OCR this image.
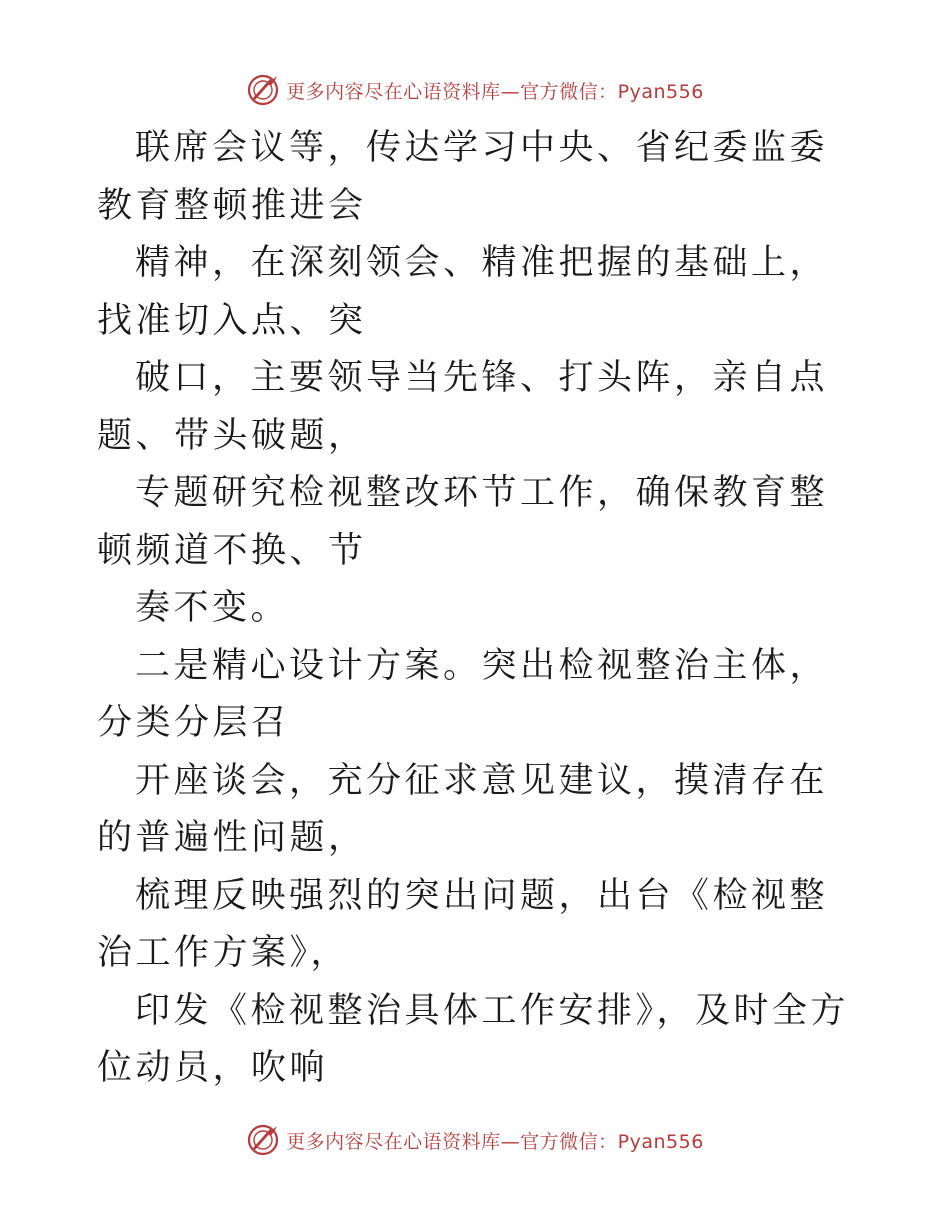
更多内容尽在心语资料库—官方微信：Pyan556

联席会议等，传达学习中央、省纪委监委教育整顿推进会

精神，在深刻领会、精准把握的基础上，找准切入点、突

破口，主要领导当先锋、打头阵，亲自点题、带头破题，

专题研究检视整改环节工作，确保教育整顿频道不换、节

奏不变。

二是精心设计方案。突出检视整治主体，分类分层召

开座谈会，充分征求意见建议，摸清存在的普遍性问题，

梳理反映强烈的突出问题，出台《检视整治工作方案》，

印发《检视整治具体工作安排》，及时全方位动员，吹响

更多内容尽在心语资料库—官方微信：Pyan556
